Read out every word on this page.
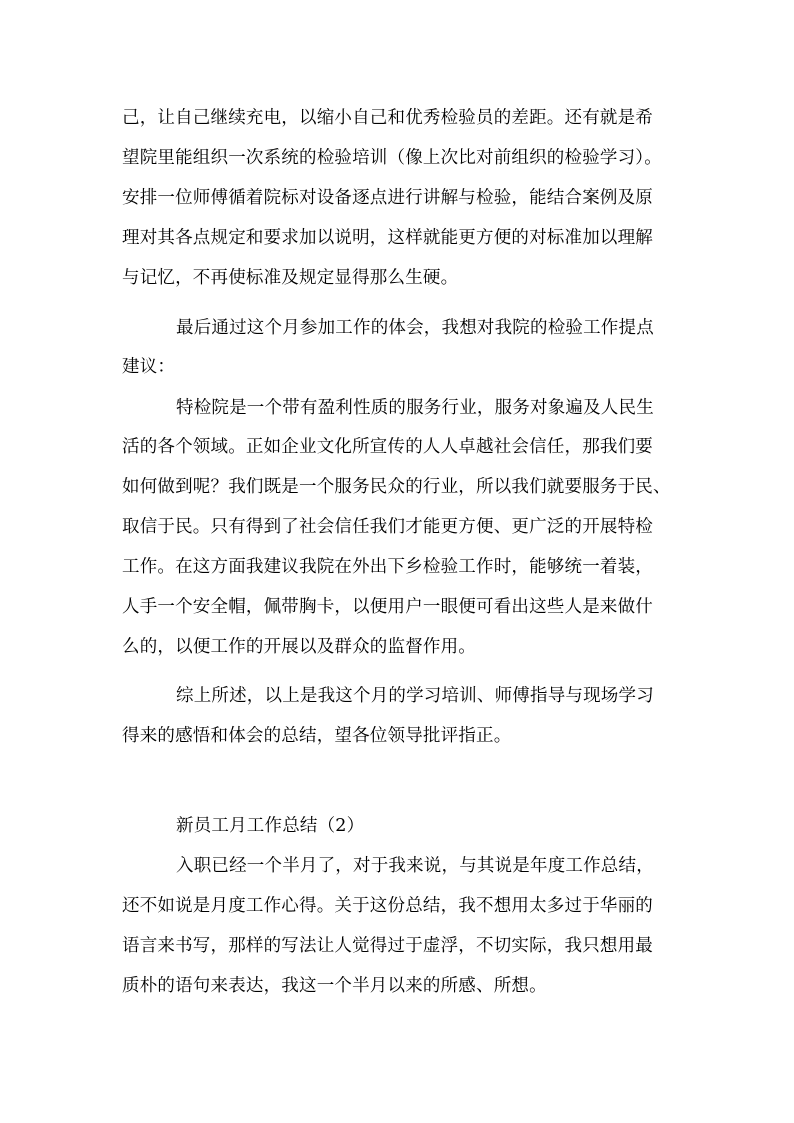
己，让自己继续充电，以缩小自己和优秀检验员的差距。还有就是希
望院里能组织一次系统的检验培训（像上次比对前组织的检验学习）。
安排一位师傅循着院标对设备逐点进行讲解与检验，能结合案例及原
理对其各点规定和要求加以说明，这样就能更方便的对标准加以理解
与记忆，不再使标准及规定显得那么生硬。
最后通过这个月参加工作的体会，我想对我院的检验工作提点
建议：
特检院是一个带有盈利性质的服务行业，服务对象遍及人民生
活的各个领域。正如企业文化所宣传的人人卓越社会信任，那我们要
如何做到呢？我们既是一个服务民众的行业，所以我们就要服务于民、
取信于民。只有得到了社会信任我们才能更方便、更广泛的开展特检
工作。在这方面我建议我院在外出下乡检验工作时，能够统一着装，
人手一个安全帽，佩带胸卡，以便用户一眼便可看出这些人是来做什
么的，以便工作的开展以及群众的监督作用。
综上所述，以上是我这个月的学习培训、师傅指导与现场学习
得来的感悟和体会的总结，望各位领导批评指正。
新员工月工作总结（2）
入职已经一个半月了，对于我来说，与其说是年度工作总结，
还不如说是月度工作心得。关于这份总结，我不想用太多过于华丽的
语言来书写，那样的写法让人觉得过于虚浮，不切实际，我只想用最
质朴的语句来表达，我这一个半月以来的所感、所想。
